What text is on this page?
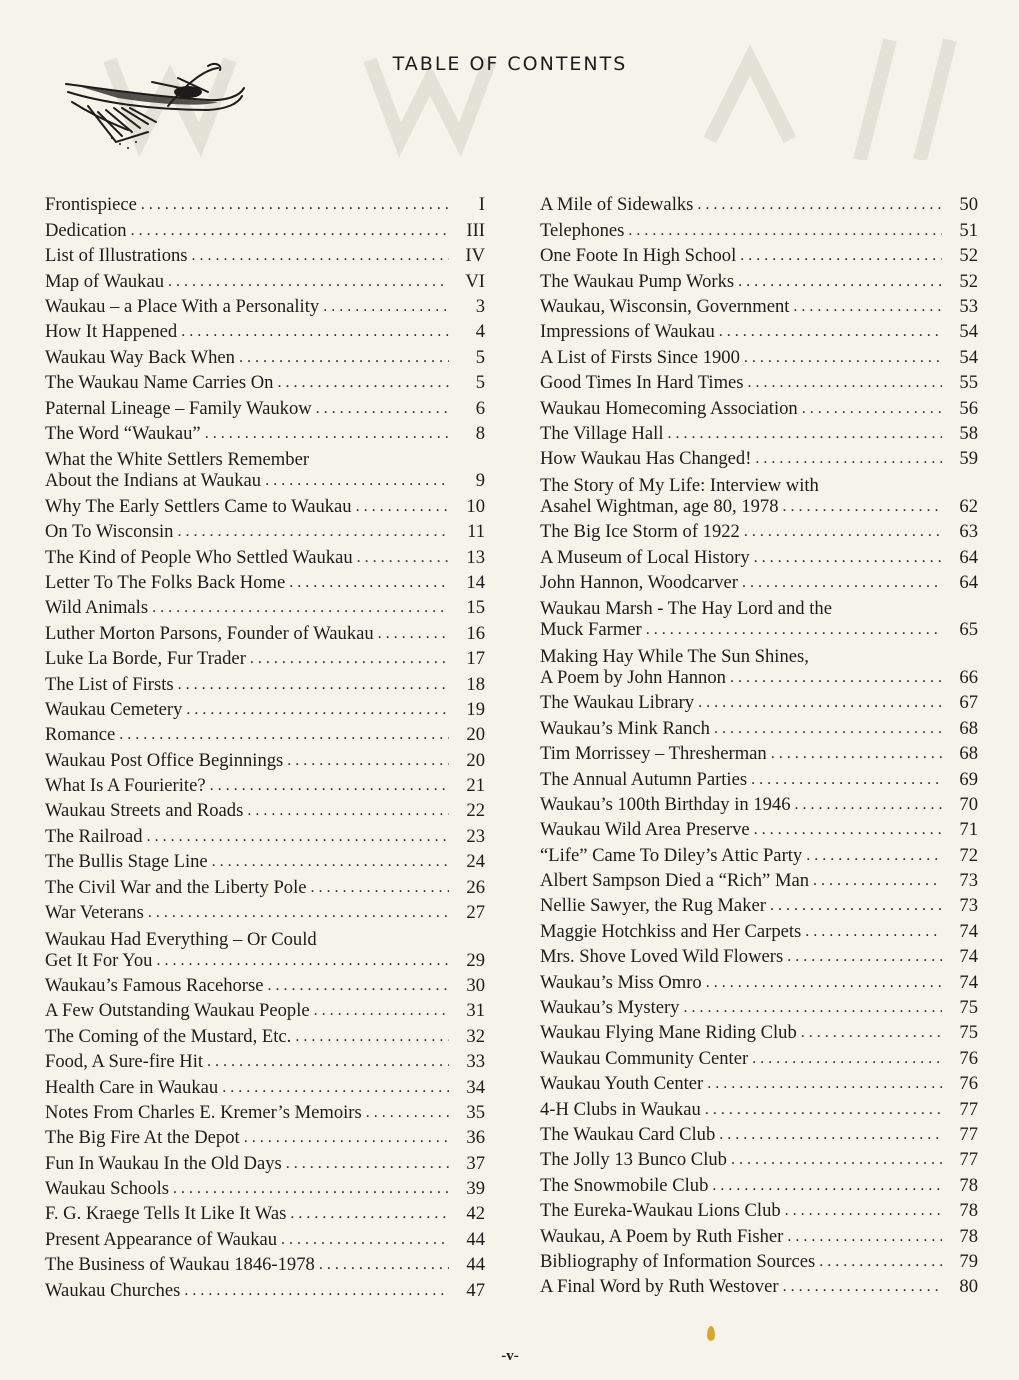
TABLE OF CONTENTS
Frontispiece . . .	I
Dedication . . .	III
List of Illustrations . . .	IV
Map of Waukau . . .	VI
Waukau – a Place With a Personality . . .	3
How It Happened . . .	4
Waukau Way Back When . . .	5
The Waukau Name Carries On . . .	5
Paternal Lineage – Family Waukow . . .	6
The Word “Waukau” . . .	8
What the White Settlers Remember
About the Indians at Waukau . . .	9
Why The Early Settlers Came to Waukau . . .	10
On To Wisconsin . . .	11
The Kind of People Who Settled Waukau . . .	13
Letter To The Folks Back Home . . .	14
Wild Animals . . .	15
Luther Morton Parsons, Founder of Waukau . . .	16
Luke La Borde, Fur Trader . . .	17
The List of Firsts . . .	18
Waukau Cemetery . . .	19
Romance . . .	20
Waukau Post Office Beginnings . . .	20
What Is A Fourierite? . . .	21
Waukau Streets and Roads . . .	22
The Railroad . . .	23
The Bullis Stage Line . . .	24
The Civil War and the Liberty Pole . . .	26
War Veterans . . .	27
Waukau Had Everything – Or Could
Get It For You . . .	29
Waukau’s Famous Racehorse . . .	30
A Few Outstanding Waukau People . . .	31
The Coming of the Mustard, Etc. . . .	32
Food, A Sure-fire Hit . . .	33
Health Care in Waukau . . .	34
Notes From Charles E. Kremer’s Memoirs . . .	35
The Big Fire At the Depot . . .	36
Fun In Waukau In the Old Days . . .	37
Waukau Schools . . .	39
F. G. Kraege Tells It Like It Was . . .	42
Present Appearance of Waukau . . .	44
The Business of Waukau 1846-1978 . . .	44
Waukau Churches . . .	47
A Mile of Sidewalks . . .	50
Telephones . . .	51
One Foote In High School . . .	52
The Waukau Pump Works . . .	52
Waukau, Wisconsin, Government . . .	53
Impressions of Waukau . . .	54
A List of Firsts Since 1900 . . .	54
Good Times In Hard Times . . .	55
Waukau Homecoming Association . . .	56
The Village Hall . . .	58
How Waukau Has Changed! . . .	59
The Story of My Life: Interview with
Asahel Wightman, age 80, 1978 . . .	62
The Big Ice Storm of 1922 . . .	63
A Museum of Local History . . .	64
John Hannon, Woodcarver . . .	64
Waukau Marsh - The Hay Lord and the
Muck Farmer . . .	65
Making Hay While The Sun Shines,
A Poem by John Hannon . . .	66
The Waukau Library . . .	67
Waukau’s Mink Ranch . . .	68
Tim Morrissey – Thresherman . . .	68
The Annual Autumn Parties . . .	69
Waukau’s 100th Birthday in 1946 . . .	70
Waukau Wild Area Preserve . . .	71
“Life” Came To Diley’s Attic Party . . .	72
Albert Sampson Died a “Rich” Man . . .	73
Nellie Sawyer, the Rug Maker . . .	73
Maggie Hotchkiss and Her Carpets . . .	74
Mrs. Shove Loved Wild Flowers . . .	74
Waukau’s Miss Omro . . .	74
Waukau’s Mystery . . .	75
Waukau Flying Mane Riding Club . . .	75
Waukau Community Center . . .	76
Waukau Youth Center . . .	76
4-H Clubs in Waukau . . .	77
The Waukau Card Club . . .	77
The Jolly 13 Bunco Club . . .	77
The Snowmobile Club . . .	78
The Eureka-Waukau Lions Club . . .	78
Waukau, A Poem by Ruth Fisher . . .	78
Bibliography of Information Sources . . .	79
A Final Word by Ruth Westover . . .	80
-v-
